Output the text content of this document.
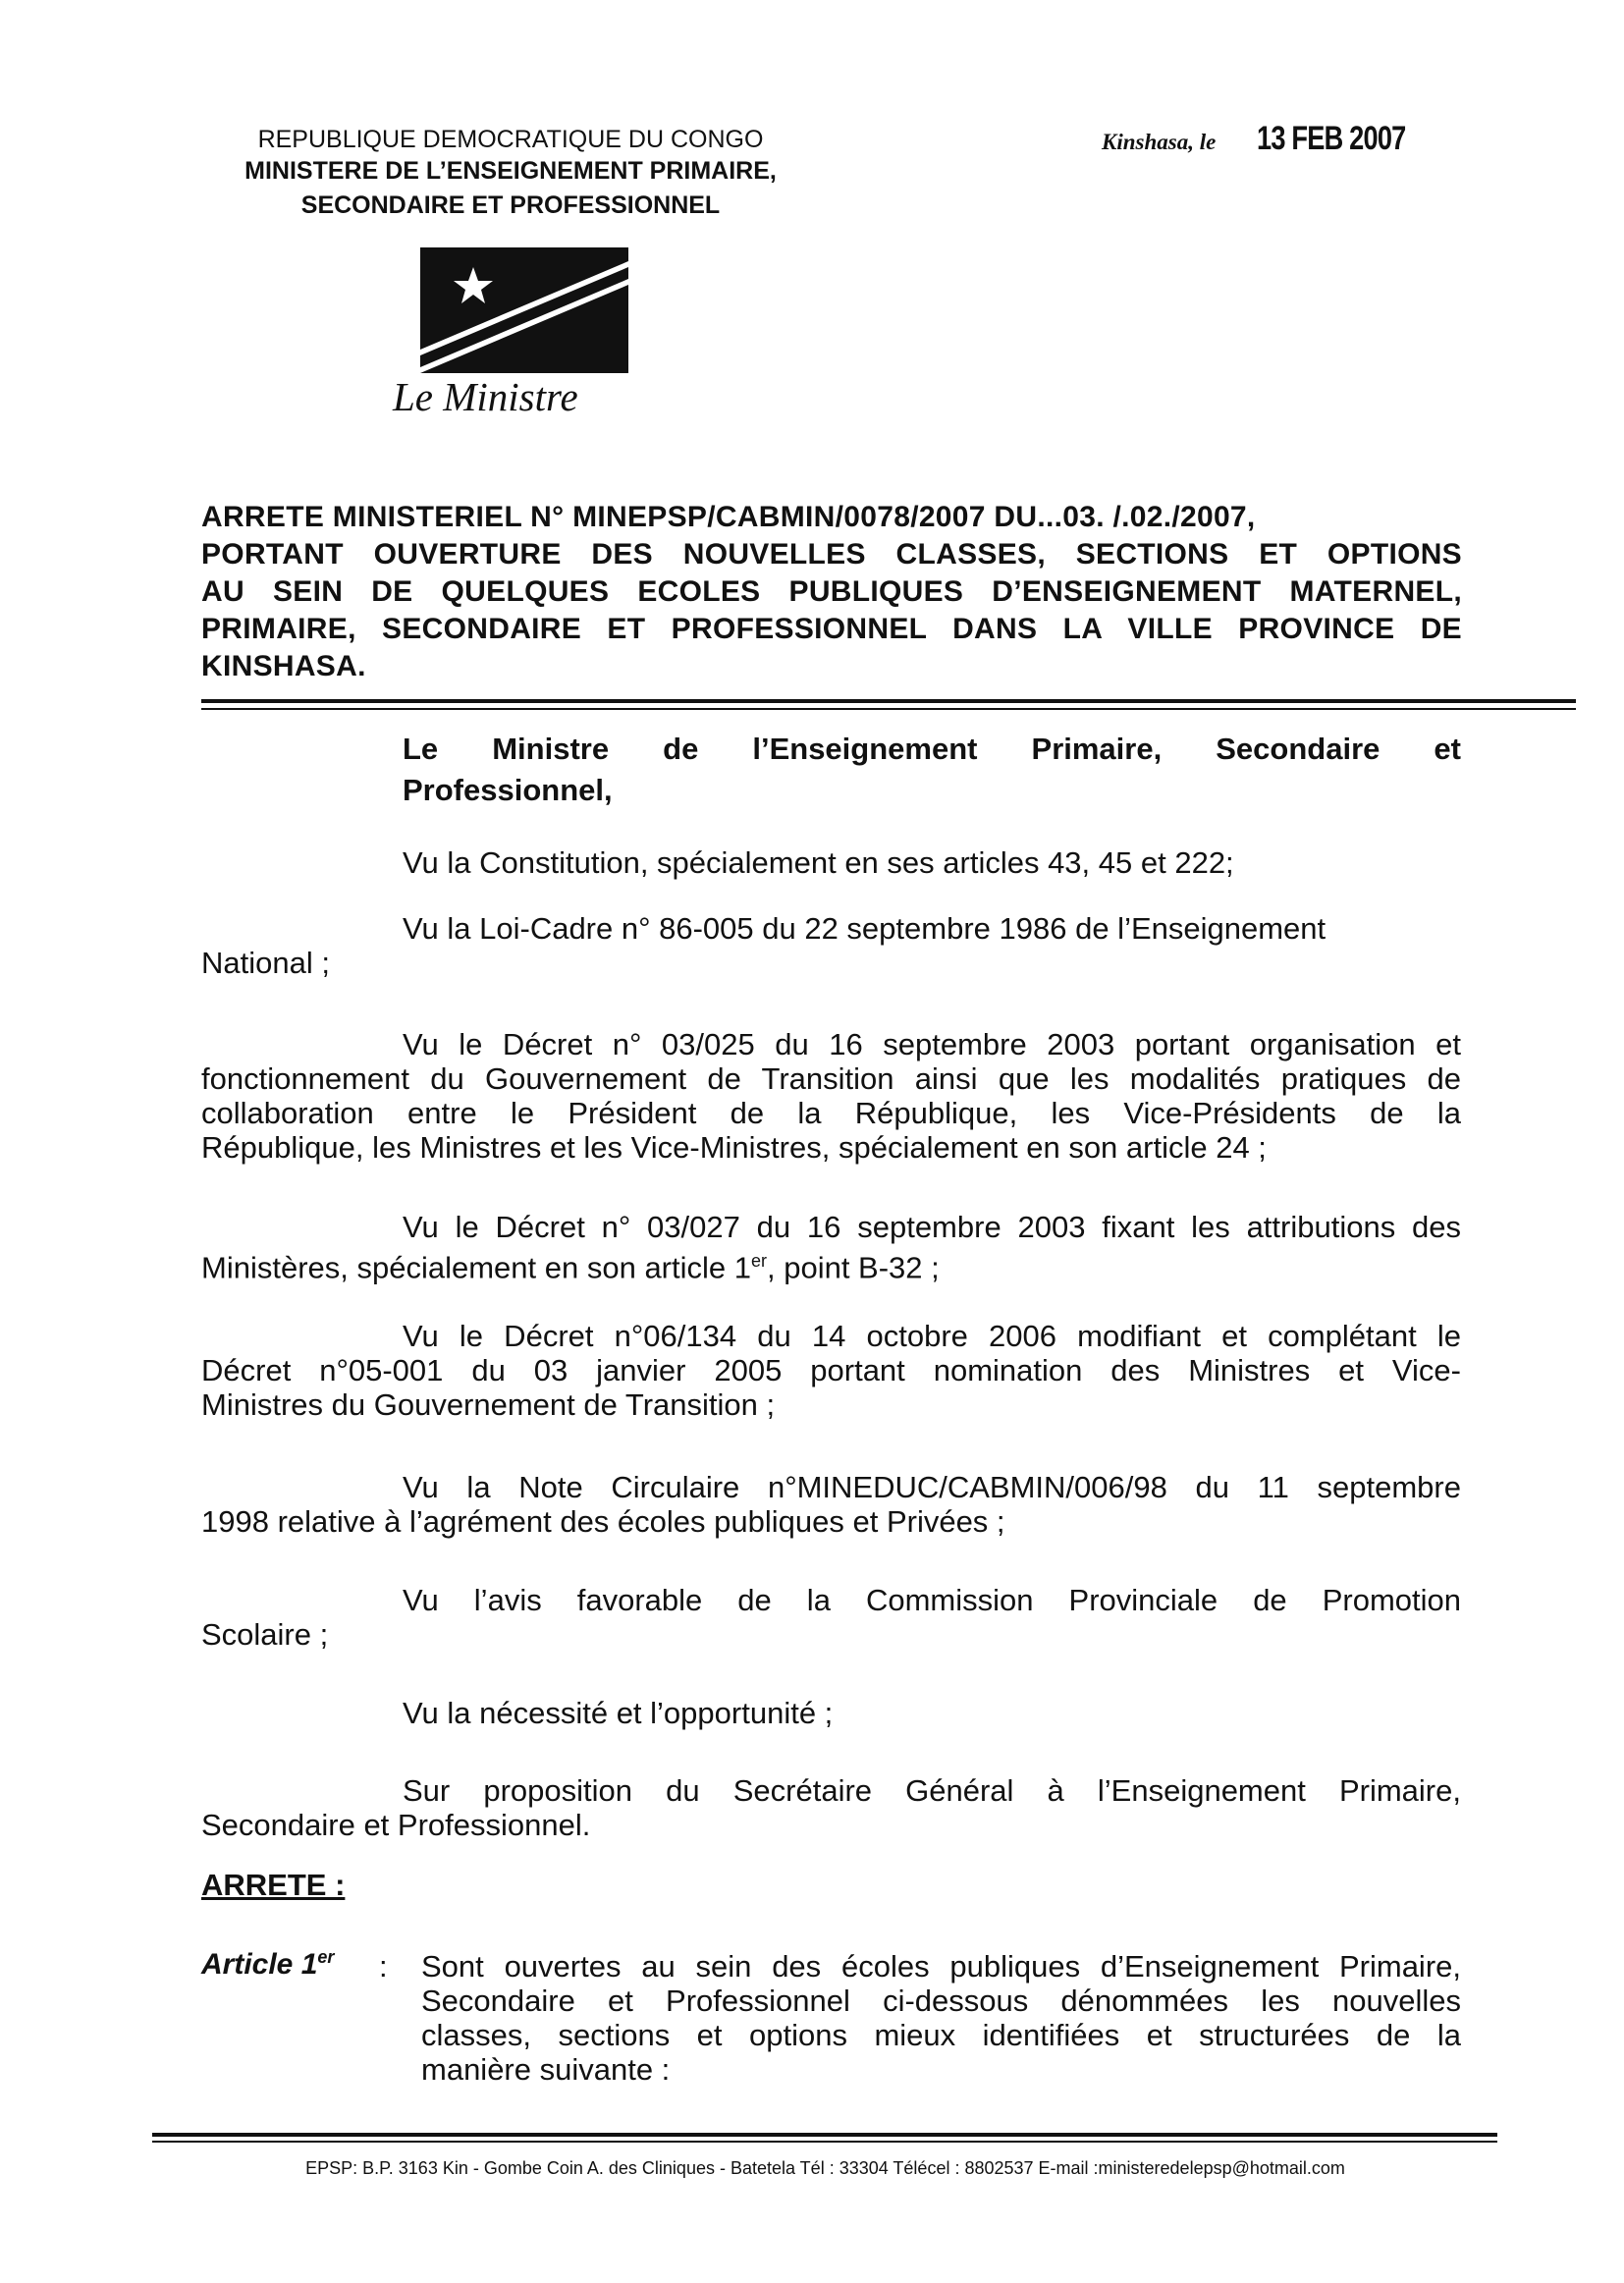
REPUBLIQUE DEMOCRATIQUE DU CONGO
MINISTERE DE L’ENSEIGNEMENT PRIMAIRE,
SECONDAIRE ET PROFESSIONNEL
Kinshasa, le 13 FEB 2007
Le Ministre
ARRETE MINISTERIEL N° MINEPSP/CABMIN/0078/2007 DU...03. /.02./2007,
PORTANT OUVERTURE DES NOUVELLES CLASSES, SECTIONS ET OPTIONS
AU SEIN DE QUELQUES ECOLES PUBLIQUES D’ENSEIGNEMENT MATERNEL,
PRIMAIRE, SECONDAIRE ET PROFESSIONNEL DANS LA VILLE PROVINCE DE
KINSHASA.
Le Ministre de l’Enseignement Primaire, Secondaire et
Professionnel,
Vu la Constitution, spécialement en ses articles 43, 45 et 222;
Vu la Loi-Cadre n° 86-005 du 22 septembre 1986 de l’Enseignement
National ;
Vu le Décret n° 03/025 du 16 septembre 2003 portant organisation et
fonctionnement du Gouvernement de Transition ainsi que les modalités pratiques de
collaboration entre le Président de la République, les Vice-Présidents de la
République, les Ministres et les Vice-Ministres, spécialement en son article 24 ;
Vu le Décret n° 03/027 du 16 septembre 2003 fixant les attributions des
Ministères, spécialement en son article 1er, point B-32 ;
Vu le Décret n°06/134 du 14 octobre 2006 modifiant et complétant le
Décret n°05-001 du 03 janvier 2005 portant nomination des Ministres et Vice-
Ministres du Gouvernement de Transition ;
Vu la Note Circulaire n°MINEDUC/CABMIN/006/98 du 11 septembre
1998 relative à l’agrément des écoles publiques et Privées ;
Vu l’avis favorable de la Commission Provinciale de Promotion
Scolaire ;
Vu la nécessité et l’opportunité ;
Sur proposition du Secrétaire Général à l’Enseignement Primaire,
Secondaire et Professionnel.
ARRETE :
Article 1er : Sont ouvertes au sein des écoles publiques d’Enseignement Primaire,
Secondaire et Professionnel ci-dessous dénommées les nouvelles
classes, sections et options mieux identifiées et structurées de la
manière suivante :
EPSP: B.P. 3163 Kin - Gombe Coin A. des Cliniques - Batetela Tél : 33304 Télécel : 8802537 E-mail :ministeredelepsp@hotmail.com
